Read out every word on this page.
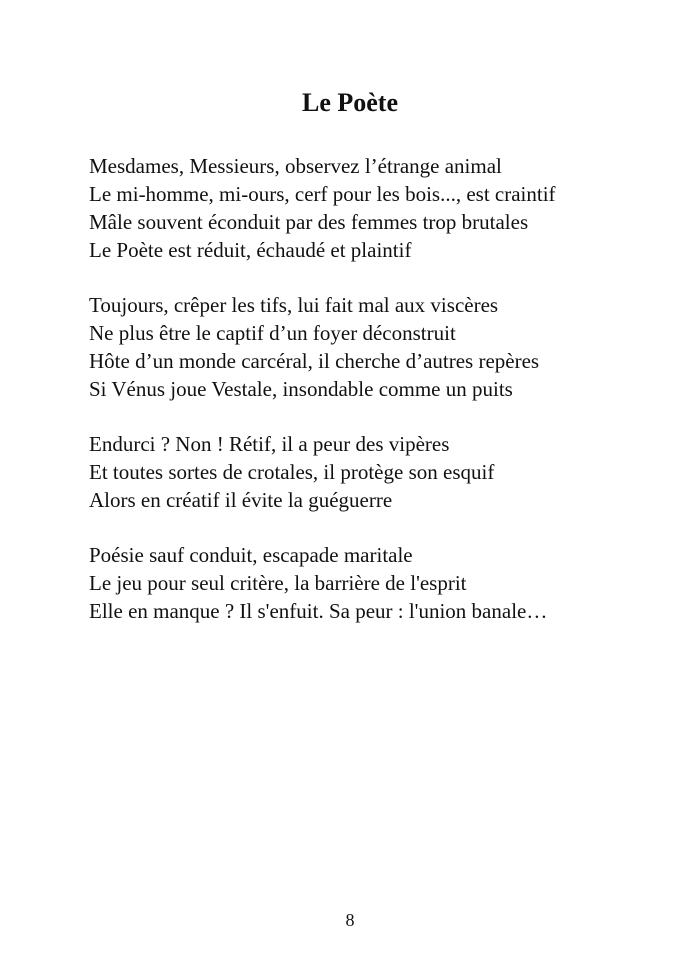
Le Poète
Mesdames, Messieurs, observez l’étrange animal
Le mi-homme, mi-ours, cerf pour les bois..., est craintif
Mâle souvent éconduit par des femmes trop brutales
Le Poète est réduit, échaudé et plaintif
Toujours, crêper les tifs, lui fait mal aux viscères
Ne plus être le captif d’un foyer déconstruit
Hôte d’un monde carcéral, il cherche d’autres repères
Si Vénus joue Vestale, insondable comme un puits
Endurci ? Non ! Rétif, il a peur des vipères
Et toutes sortes de crotales, il protège son esquif
Alors en créatif il évite la guéguerre
Poésie sauf conduit, escapade maritale
Le jeu pour seul critère, la barrière de l'esprit
Elle en manque ? Il s'enfuit. Sa peur : l'union banale…
8
